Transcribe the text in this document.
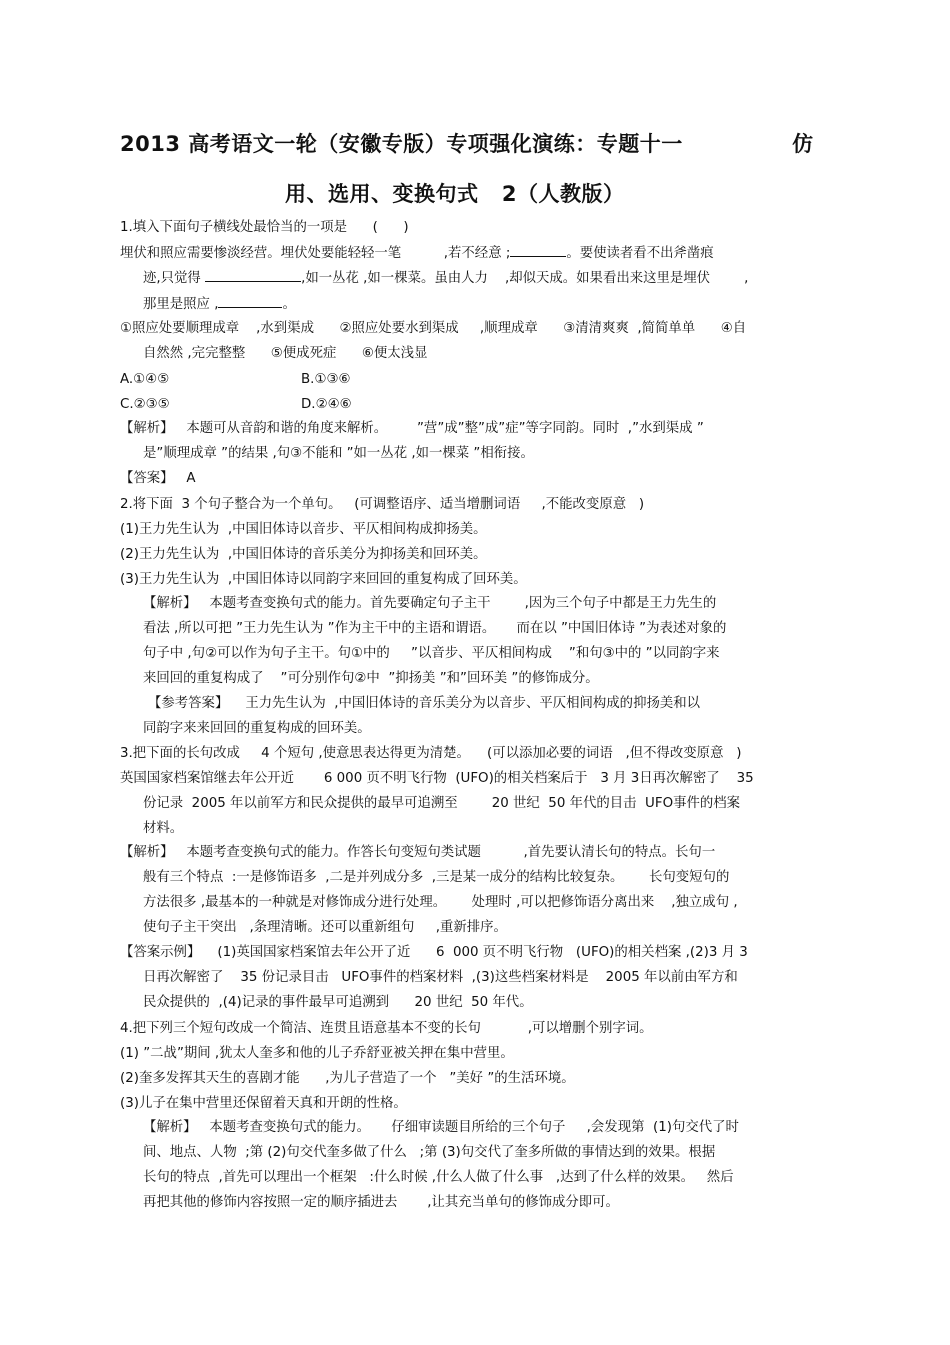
2013 高考语文一轮（安徽专版）专项强化演练：专题十一              仿
用、选用、变换句式   2（人教版）
1.填入下面句子横线处最恰当的一项是      (      )
埋伏和照应需要惨淡经营。埋伏处要能轻轻一笔          ,若不经意 ;	。要使读者看不出斧凿痕
迹,只觉得	,如一丛花 ,如一棵菜。虽由人力    ,却似天成。如果看出来这里是埋伏        ,
那里是照应 ,	。
①照应处要顺理成章    ,水到渠成      ②照应处要水到渠成     ,顺理成章      ③清清爽爽  ,简简单单      ④自
自然然 ,完完整整      ⑤便成死症      ⑥便太浅显
A.①④⑤	B.①③⑥
C.②③⑤	D.②④⑥
【解析】   本题可从音韵和谐的角度来解析。       ”营”成”整”成”症”等字同韵。同时  ,”水到渠成 ”
是”顺理成章 ”的结果 ,句③不能和 ”如一丛花 ,如一棵菜 ”相衔接。
【答案】   A
2.将下面  3 个句子整合为一个单句。   (可调整语序、适当增删词语     ,不能改变原意   )
(1)王力先生认为  ,中国旧体诗以音步、平仄相间构成抑扬美。
(2)王力先生认为  ,中国旧体诗的音乐美分为抑扬美和回环美。
(3)王力先生认为  ,中国旧体诗以同韵字来回回的重复构成了回环美。
【解析】   本题考查变换句式的能力。首先要确定句子主干        ,因为三个句子中都是王力先生的
看法 ,所以可把 ”王力先生认为 ”作为主干中的主语和谓语。     而在以 ”中国旧体诗 ”为表述对象的
句子中 ,句②可以作为句子主干。句①中的     ”以音步、平仄相间构成    ”和句③中的 ”以同韵字来
来回回的重复构成了    ”可分别作句②中  ”抑扬美 ”和”回环美 ”的修饰成分。
【参考答案】    王力先生认为  ,中国旧体诗的音乐美分为以音步、平仄相间构成的抑扬美和以
同韵字来来回回的重复构成的回环美。
3.把下面的长句改成     4 个短句 ,使意思表达得更为清楚。    (可以添加必要的词语   ,但不得改变原意   )
英国国家档案馆继去年公开近       6 000 页不明飞行物  (UFO)的相关档案后于   3 月 3日再次解密了    35
份记录  2005 年以前军方和民众提供的最早可追溯至        20 世纪  50 年代的目击  UFO事件的档案
材料。
【解析】   本题考查变换句式的能力。作答长句变短句类试题          ,首先要认清长句的特点。长句一
般有三个特点  :一是修饰语多  ,二是并列成分多  ,三是某一成分的结构比较复杂。      长句变短句的
方法很多 ,最基本的一种就是对修饰成分进行处理。      处理时 ,可以把修饰语分离出来    ,独立成句 ,
使句子主干突出   ,条理清晰。还可以重新组句     ,重新排序。
【答案示例】    (1)英国国家档案馆去年公开了近      6  000 页不明飞行物   (UFO)的相关档案 ,(2)3 月 3
日再次解密了    35 份记录目击   UFO事件的档案材料  ,(3)这些档案材料是    2005 年以前由军方和
民众提供的  ,(4)记录的事件最早可追溯到      20 世纪  50 年代。
4.把下列三个短句改成一个简洁、连贯且语意基本不变的长句           ,可以增删个别字词。
(1) ”二战”期间 ,犹太人奎多和他的儿子乔舒亚被关押在集中营里。
(2)奎多发挥其天生的喜剧才能      ,为儿子营造了一个   ”美好 ”的生活环境。
(3)儿子在集中营里还保留着天真和开朗的性格。
【解析】   本题考查变换句式的能力。     仔细审读题目所给的三个句子     ,会发现第  (1)句交代了时
间、地点、人物  ;第 (2)句交代奎多做了什么   ;第 (3)句交代了奎多所做的事情达到的效果。根据
长句的特点  ,首先可以理出一个框架   :什么时候 ,什么人做了什么事   ,达到了什么样的效果。   然后
再把其他的修饰内容按照一定的顺序插进去       ,让其充当单句的修饰成分即可。
